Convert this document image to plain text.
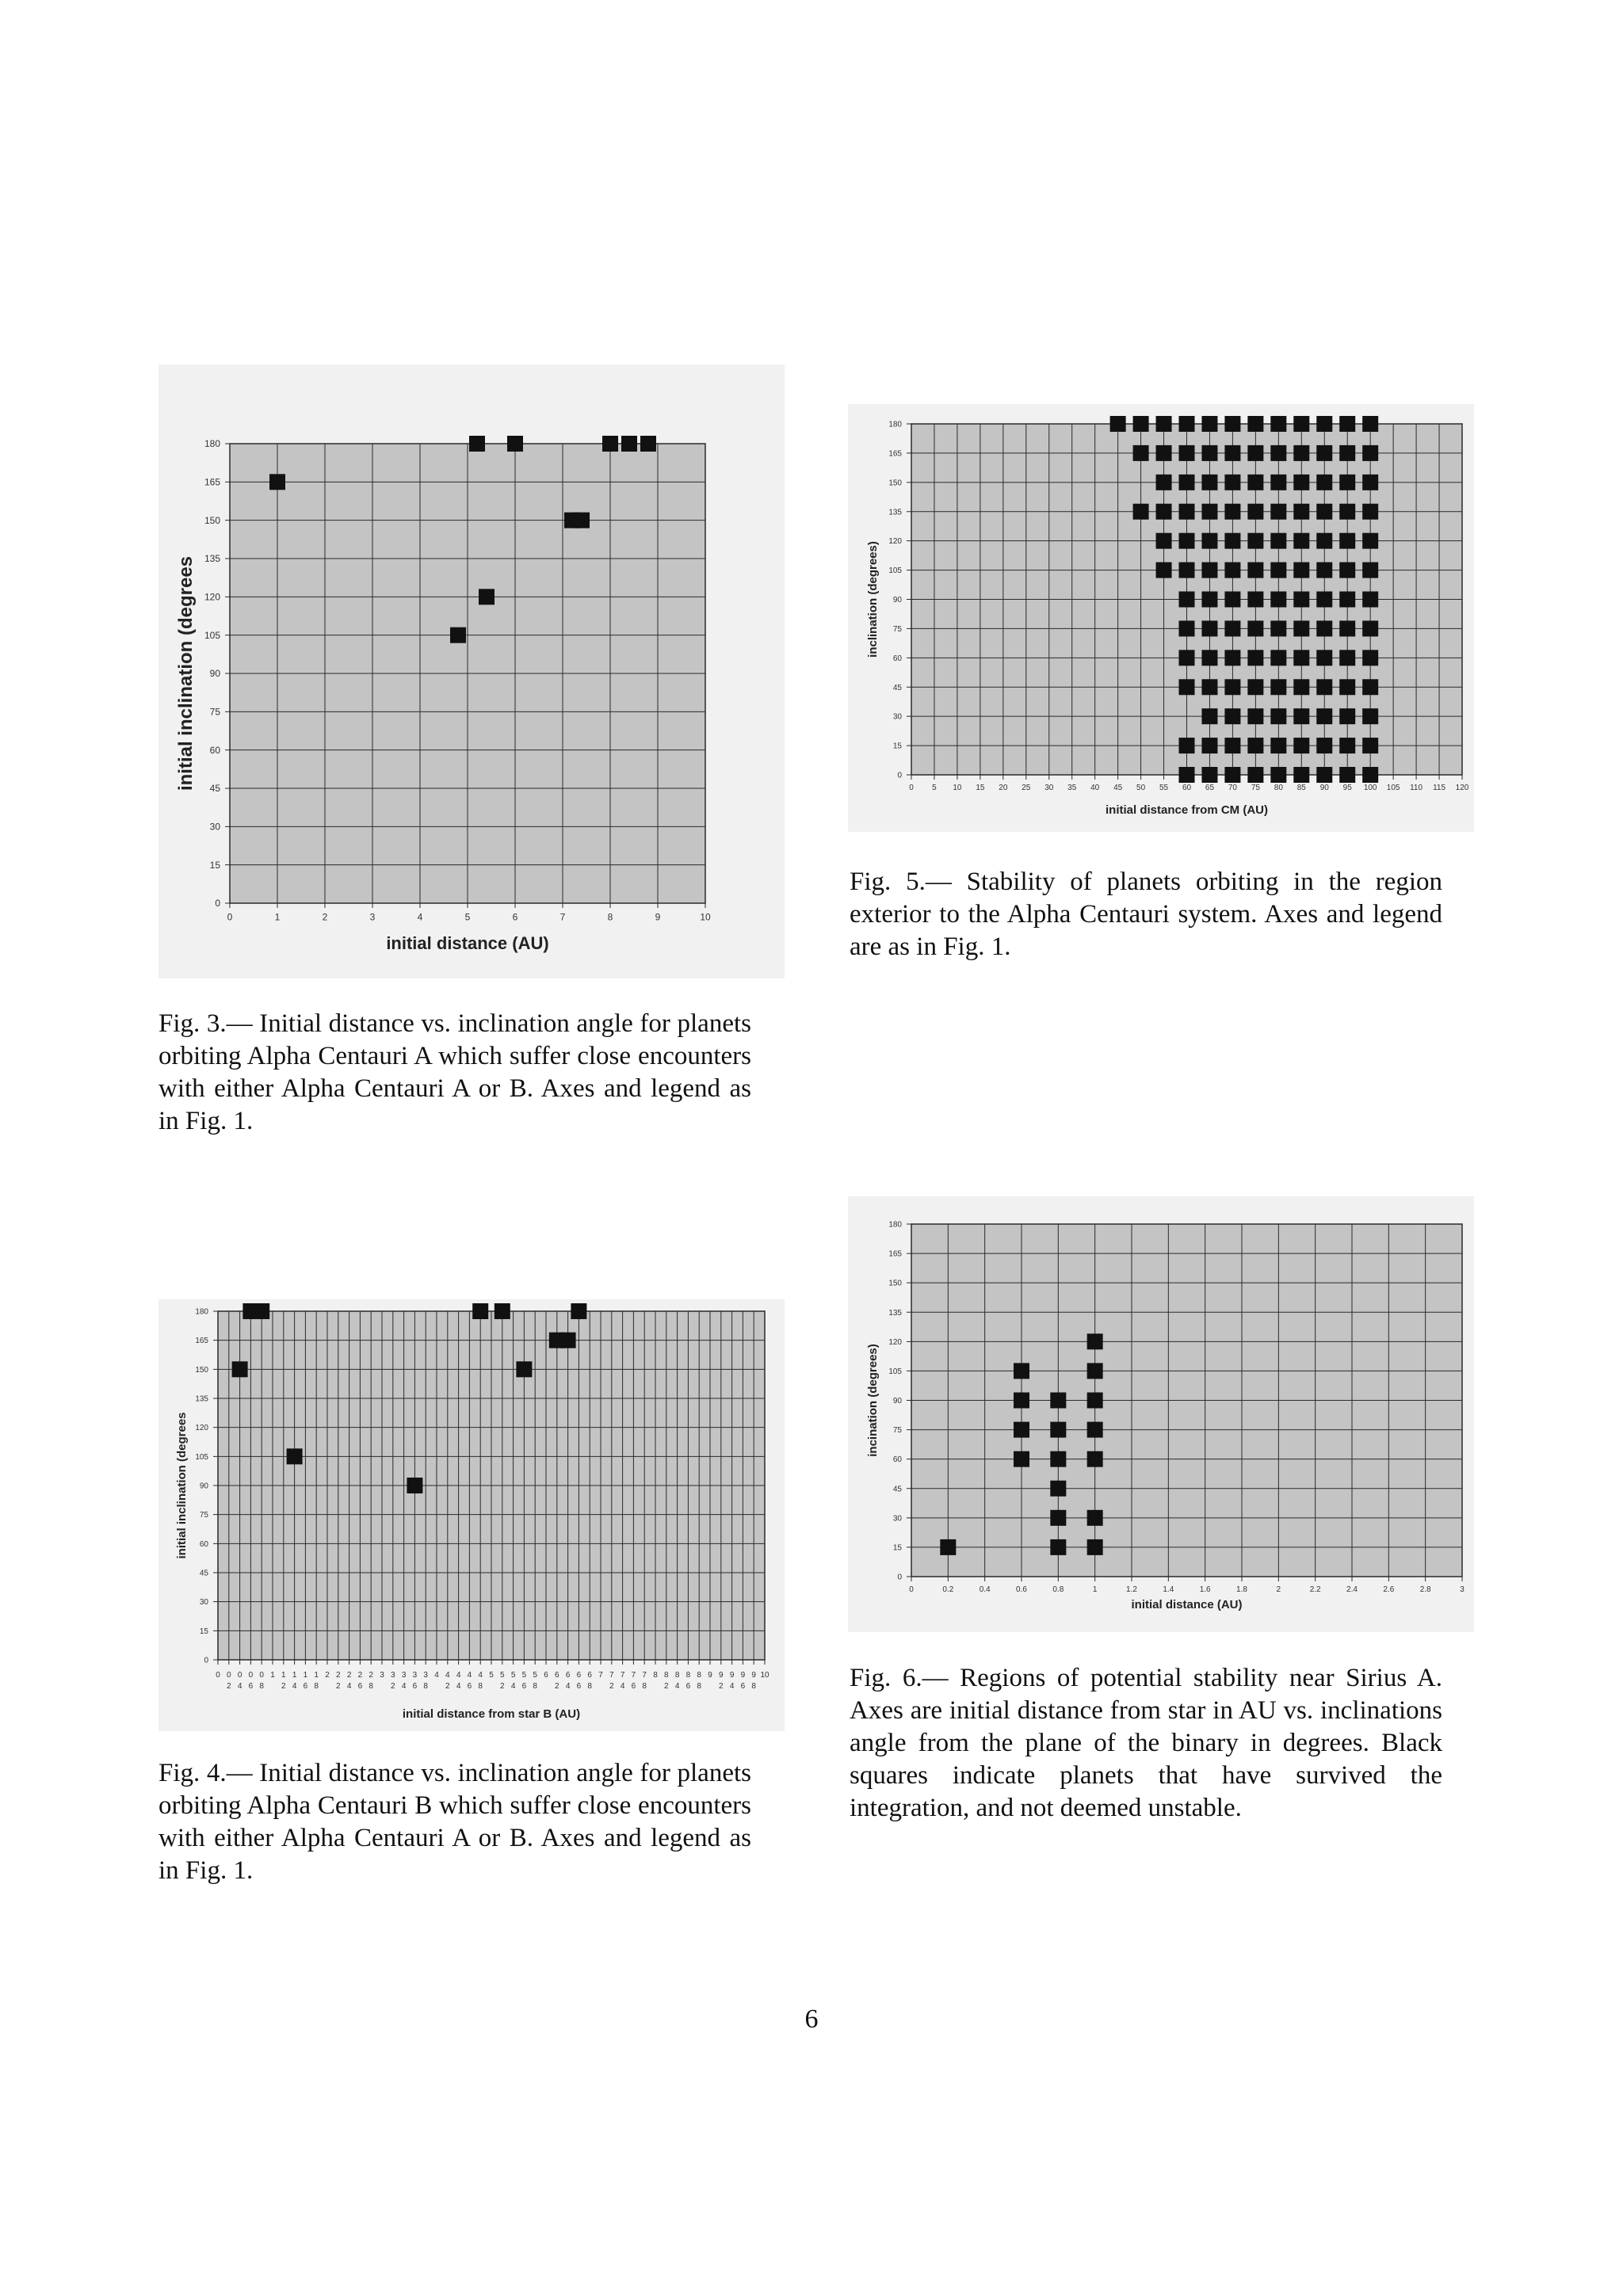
0
15
30
45
60
75
90
105
120
135
150
165
180
0	1	2	3	4	5	6	7	8	9	10
initial distance (AU)
initial inclination (degrees
Fig. 3.— Initial distance vs. inclination angle for planets orbiting Alpha Centauri A which suffer close encounters with either Alpha Centauri A or B. Axes and legend as in Fig. 1.
0
15
30
45
60
75
90
105
120
135
150
165
180
0 5 10 15 20 25 30 35 40 45 50 55 60 65 70 75 80 85 90 95 100 105 110 115 120
initial distance from CM (AU)
inclination (degrees)
Fig. 5.— Stability of planets orbiting in the region exterior to the Alpha Centauri system. Axes and legend are as in Fig. 1.
0
15
30
45
60
75
90
105
120
135
150
165
180
0 0
2
0
4
0
6
0
8
1 1
2
1
4
1
6
1
8
2 2
2
2
4
2
6
2
8
3 3
2
3
4
3
6
3
8
4 4
2
4
4
4
6
4
8
5 5
2
5
4
5
6
5
8
6 6
2
6
4
6
6
6
8
7 7
2
7
4
7
6
7
8
8 8
2
8
4
8
6
8
8
9 9
2
9
4
9
6
9
8
10
initial distance from star B (AU)
initial inclination (degrees
Fig. 4.— Initial distance vs. inclination angle for planets orbiting Alpha Centauri B which suffer close encounters with either Alpha Centauri A or B. Axes and legend as in Fig. 1.
0
15
30
45
60
75
90
105
120
135
150
165
180
0	0.2	0.4	0.6	0.8	1	1.2	1.4	1.6	1.8	2	2.2	2.4	2.6	2.8	3
initial distance (AU)
incination (degrees)
Fig. 6.— Regions of potential stability near Sirius A. Axes are initial distance from star in AU vs. inclinations angle from the plane of the binary in degrees. Black squares indicate planets that have survived the integration, and not deemed unstable.
6
